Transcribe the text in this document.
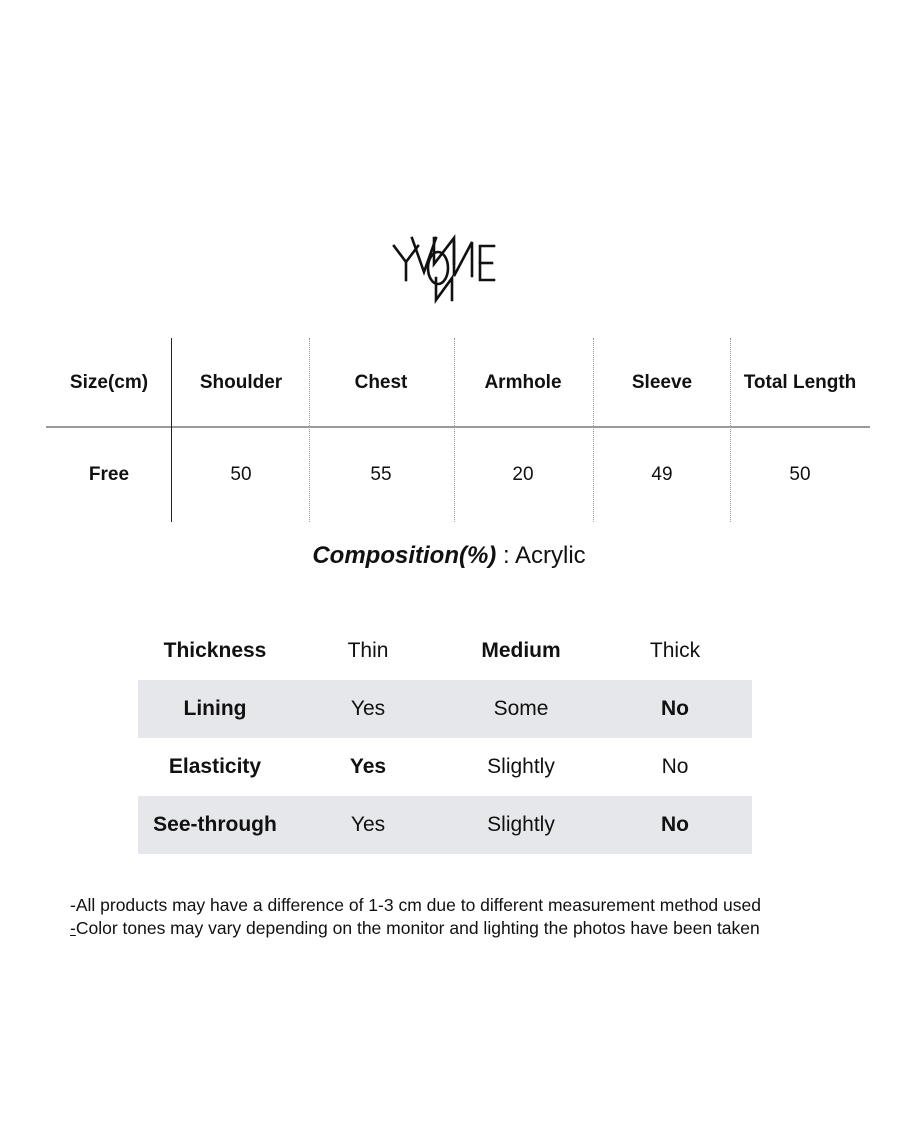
Size(cm)	Shoulder	Chest	Armhole	Sleeve	Total Length
Free	50	55	20	49	50
Composition(%) : Acrylic
Thickness	Thin	Medium	Thick
Lining	Yes	Some	No
Elasticity	Yes	Slightly	No
See-through	Yes	Slightly	No

-All products may have a difference of 1-3 cm due to different measurement method used

-Color tones may vary depending on the monitor and lighting the photos have been taken
